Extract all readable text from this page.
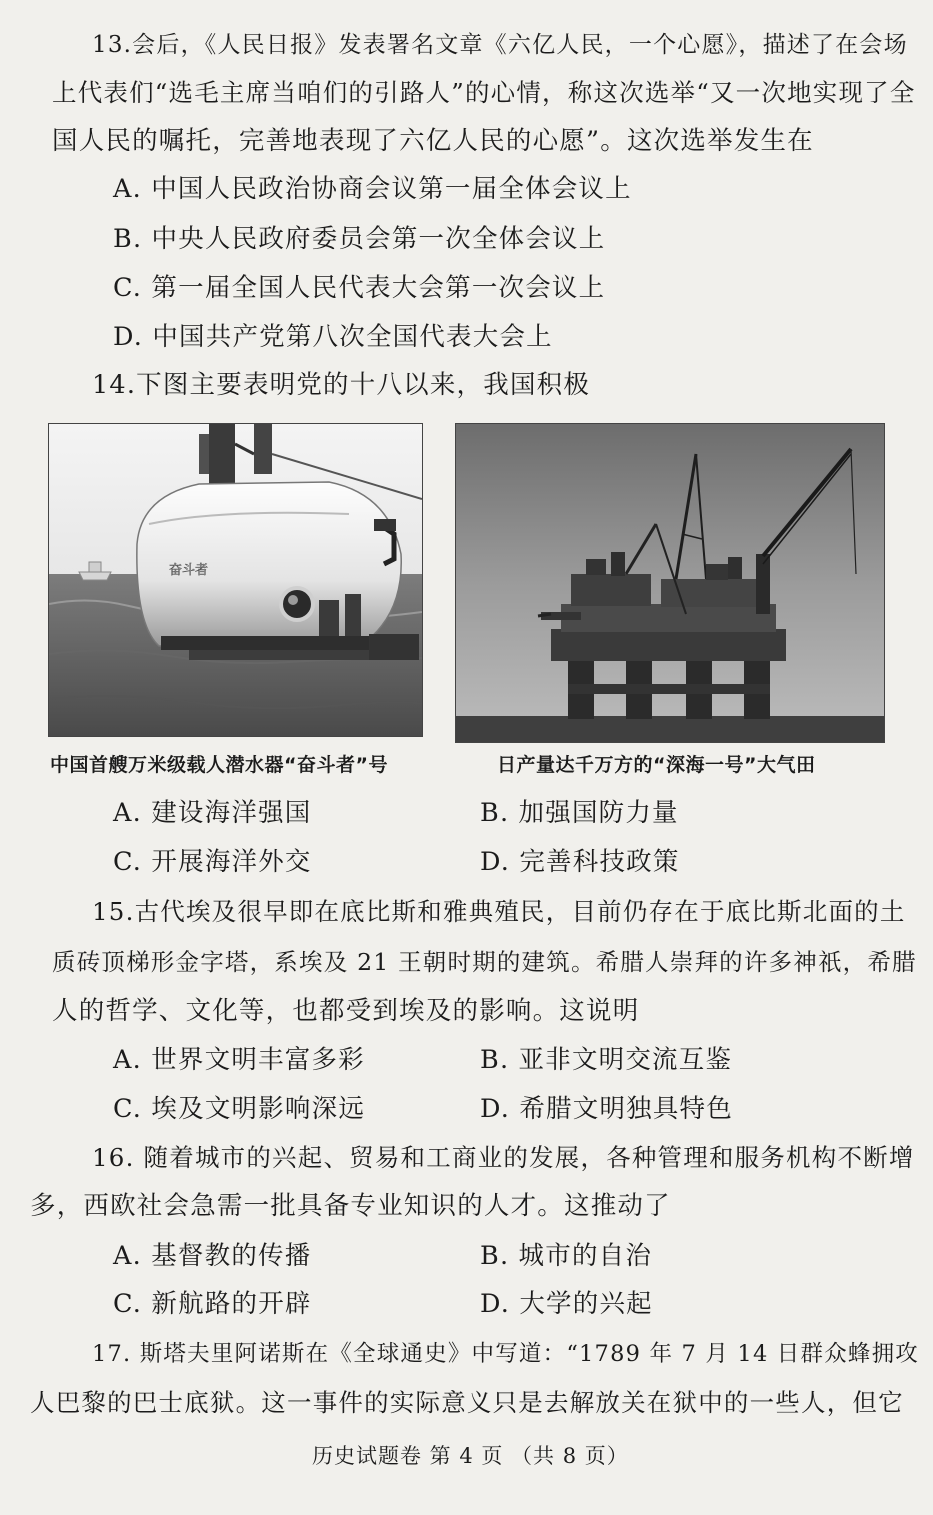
13.会后，《人民日报》发表署名文章《六亿人民，一个心愿》，描述了在会场
上代表们“选毛主席当咱们的引路人”的心情，称这次选举“又一次地实现了全
国人民的嘱托，完善地表现了六亿人民的心愿”。这次选举发生在
A. 中国人民政治协商会议第一届全体会议上
B. 中央人民政府委员会第一次全体会议上
C. 第一届全国人民代表大会第一次会议上
D. 中国共产党第八次全国代表大会上
14.下图主要表明党的十八以来，我国积极
奋斗者
中国首艘万米级载人潜水器“奋斗者”号	日产量达千万方的“深海一号”大气田
A. 建设海洋强国	B. 加强国防力量
C. 开展海洋外交	D. 完善科技政策
15.古代埃及很早即在底比斯和雅典殖民，目前仍存在于底比斯北面的土
质砖顶梯形金字塔，系埃及 21 王朝时期的建筑。希腊人崇拜的许多神祇，希腊
人的哲学、文化等，也都受到埃及的影响。这说明
A. 世界文明丰富多彩	B. 亚非文明交流互鉴
C. 埃及文明影响深远	D. 希腊文明独具特色
16. 随着城市的兴起、贸易和工商业的发展，各种管理和服务机构不断增
多，西欧社会急需一批具备专业知识的人才。这推动了
A. 基督教的传播	B. 城市的自治
C. 新航路的开辟	D. 大学的兴起
17. 斯塔夫里阿诺斯在《全球通史》中写道：“1789 年 7 月 14 日群众蜂拥攻
人巴黎的巴士底狱。这一事件的实际意义只是去解放关在狱中的一些人，但它
历史试题卷 第 4 页 （共 8 页）
